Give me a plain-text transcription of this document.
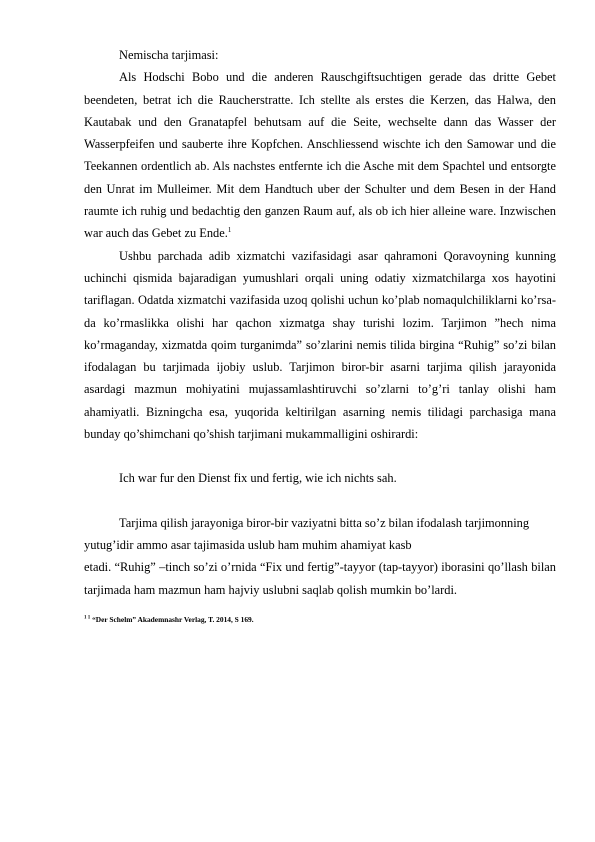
Nemischa tarjimasi:

Als Hodschi Bobo und die anderen Rauschgiftsuchtigen gerade das dritte Gebet beendeten, betrat ich die Raucherstratte. Ich stellte als erstes die Kerzen, das Halwa, den Kautabak und den Granatapfel behutsam auf die Seite, wechselte dann das Wasser der Wasserpfeifen und sauberte ihre Kopfchen. Anschliessend wischte ich den Samowar und die Teekannen ordentlich ab. Als nachstes entfernte ich die Asche mit dem Spachtel und entsorgte den Unrat im Mulleimer. Mit dem Handtuch uber der Schulter und dem Besen in der Hand raumte ich ruhig und bedachtig den ganzen Raum auf, als ob ich hier alleine ware. Inzwischen war auch das Gebet zu Ende.$^1$

Ushbu parchada adib xizmatchi vazifasidagi asar qahramoni Qoravoyning kunning uchinchi qismida bajaradigan yumushlari orqali uning odatiy xizmatchilarga xos hayotini tariflagan. Odatda xizmatchi vazifasida uzoq qolishi uchun ko’plab nomaqulchiliklarni ko’rsa-da ko’rmaslikka olishi har qachon xizmatga shay turishi lozim. Tarjimon ”hech nima ko’rmaganday, xizmatda qoim turganimda” so’zlarini nemis tilida birgina “Ruhig” so’zi bilan ifodalagan bu tarjimada ijobiy uslub. Tarjimon biror-bir asarni tarjima qilish jarayonida asardagi mazmun mohiyatini mujassamlashtiruvchi so’zlarni to’g’ri tanlay olishi ham ahamiyatli. Bizningcha esa, yuqorida keltirilgan asarning nemis tilidagi parchasiga mana bunday qo’shimchani qo’shish tarjimani mukammalligini oshirardi:

Ich war fur den Dienst fix und fertig, wie ich nichts sah.

Tarjima qilish jarayoniga biror-bir vaziyatni bitta so’z bilan ifodalash tarjimonning yutug’idir ammo asar tajimasida uslub ham muhim ahamiyat kasb

etadi. “Ruhig” –tinch so’zi o’rnida “Fix und fertig”-tayyor (tap-tayyor) iborasini qo’llash bilan tarjimada ham mazmun ham hajviy uslubni saqlab qolish mumkin bo’lardi.

$^{1 1}$ “Der Schelm” Akademnashr Verlag, T. 2014, S 169.
